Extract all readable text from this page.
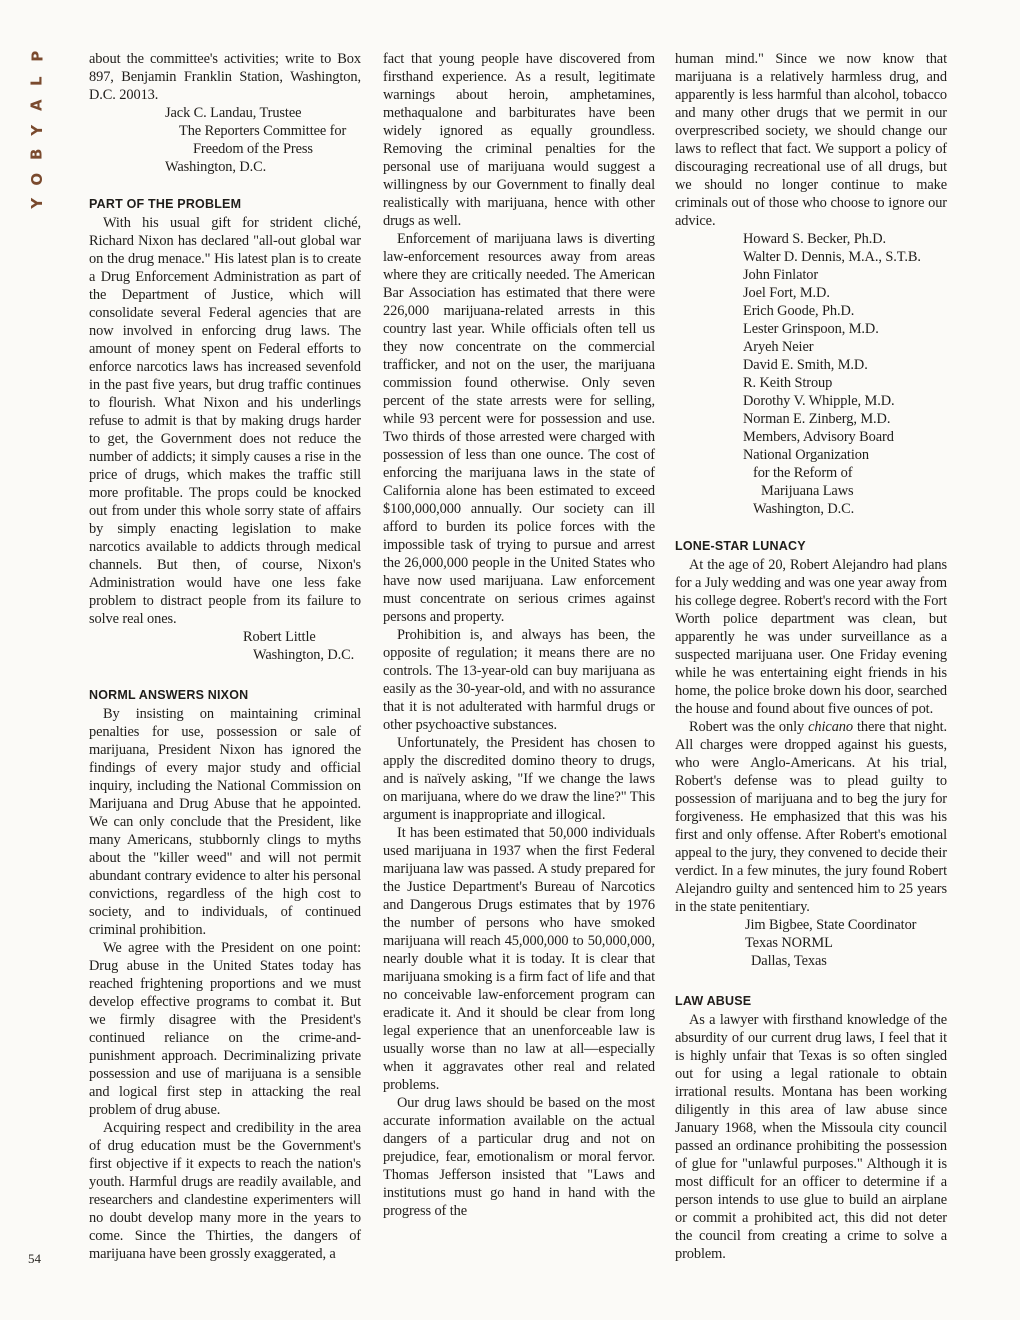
P
L
A
Y
B
O
Y
54

about the committee's activities; write to Box 897, Benjamin Franklin Station, Washington, D.C. 20013.

Jack C. Landau, Trustee
The Reporters Committee for
Freedom of the Press
Washington, D.C.
PART OF THE PROBLEM

With his usual gift for strident cliché, Richard Nixon has declared "all-out global war on the drug menace." His latest plan is to create a Drug Enforcement Administration as part of the Department of Justice, which will consolidate several Federal agencies that are now involved in enforcing drug laws. The amount of money spent on Federal efforts to enforce narcotics laws has increased sevenfold in the past five years, but drug traffic continues to flourish. What Nixon and his underlings refuse to admit is that by making drugs harder to get, the Government does not reduce the number of addicts; it simply causes a rise in the price of drugs, which makes the traffic still more profitable. The props could be knocked out from under this whole sorry state of affairs by simply enacting legislation to make narcotics available to addicts through medical channels. But then, of course, Nixon's Administration would have one less fake problem to distract people from its failure to solve real ones.

Robert Little
Washington, D.C.
NORML ANSWERS NIXON

By insisting on maintaining criminal penalties for use, possession or sale of marijuana, President Nixon has ignored the findings of every major study and official inquiry, including the National Commission on Marijuana and Drug Abuse that he appointed. We can only conclude that the President, like many Americans, stubbornly clings to myths about the "killer weed" and will not permit abundant contrary evidence to alter his personal convictions, regardless of the high cost to society, and to individuals, of continued criminal prohibition.

We agree with the President on one point: Drug abuse in the United States today has reached frightening proportions and we must develop effective programs to combat it. But we firmly disagree with the President's continued reliance on the crime-and-punishment approach. Decriminalizing private possession and use of marijuana is a sensible and logical first step in attacking the real problem of drug abuse.

Acquiring respect and credibility in the area of drug education must be the Government's first objective if it expects to reach the nation's youth. Harmful drugs are readily available, and researchers and clandestine experimenters will no doubt develop many more in the years to come. Since the Thirties, the dangers of marijuana have been grossly exaggerated, a

fact that young people have discovered from firsthand experience. As a result, legitimate warnings about heroin, amphetamines, methaqualone and barbiturates have been widely ignored as equally groundless. Removing the criminal penalties for the personal use of marijuana would suggest a willingness by our Government to finally deal realistically with marijuana, hence with other drugs as well.

Enforcement of marijuana laws is diverting law-enforcement resources away from areas where they are critically needed. The American Bar Association has estimated that there were 226,000 marijuana-related arrests in this country last year. While officials often tell us they now concentrate on the commercial trafficker, and not on the user, the marijuana commission found otherwise. Only seven percent of the state arrests were for selling, while 93 percent were for possession and use. Two thirds of those arrested were charged with possession of less than one ounce. The cost of enforcing the marijuana laws in the state of California alone has been estimated to exceed $100,000,000 annually. Our society can ill afford to burden its police forces with the impossible task of trying to pursue and arrest the 26,000,000 people in the United States who have now used marijuana. Law enforcement must concentrate on serious crimes against persons and property.

Prohibition is, and always has been, the opposite of regulation; it means there are no controls. The 13-year-old can buy marijuana as easily as the 30-year-old, and with no assurance that it is not adulterated with harmful drugs or other psychoactive substances.

Unfortunately, the President has chosen to apply the discredited domino theory to drugs, and is naïvely asking, "If we change the laws on marijuana, where do we draw the line?" This argument is inappropriate and illogical.

It has been estimated that 50,000 individuals used marijuana in 1937 when the first Federal marijuana law was passed. A study prepared for the Justice Department's Bureau of Narcotics and Dangerous Drugs estimates that by 1976 the number of persons who have smoked marijuana will reach 45,000,000 to 50,000,000, nearly double what it is today. It is clear that marijuana smoking is a firm fact of life and that no conceivable law-enforcement program can eradicate it. And it should be clear from long legal experience that an unenforceable law is usually worse than no law at all—especially when it aggravates other real and related problems.

Our drug laws should be based on the most accurate information available on the actual dangers of a particular drug and not on prejudice, fear, emotionalism or moral fervor. Thomas Jefferson insisted that "Laws and institutions must go hand in hand with the progress of the

human mind." Since we now know that marijuana is a relatively harmless drug, and apparently is less harmful than alcohol, tobacco and many other drugs that we permit in our overprescribed society, we should change our laws to reflect that fact. We support a policy of discouraging recreational use of all drugs, but we should no longer continue to make criminals out of those who choose to ignore our advice.

Howard S. Becker, Ph.D.
Walter D. Dennis, M.A., S.T.B.
John Finlator
Joel Fort, M.D.
Erich Goode, Ph.D.
Lester Grinspoon, M.D.
Aryeh Neier
David E. Smith, M.D.
R. Keith Stroup
Dorothy V. Whipple, M.D.
Norman E. Zinberg, M.D.
Members, Advisory Board
National Organization
for the Reform of
Marijuana Laws
Washington, D.C.
LONE-STAR LUNACY

At the age of 20, Robert Alejandro had plans for a July wedding and was one year away from his college degree. Robert's record with the Fort Worth police department was clean, but apparently he was under surveillance as a suspected marijuana user. One Friday evening while he was entertaining eight friends in his home, the police broke down his door, searched the house and found about five ounces of pot.

Robert was the only chicano there that night. All charges were dropped against his guests, who were Anglo-Americans. At his trial, Robert's defense was to plead guilty to possession of marijuana and to beg the jury for forgiveness. He emphasized that this was his first and only offense. After Robert's emotional appeal to the jury, they convened to decide their verdict. In a few minutes, the jury found Robert Alejandro guilty and sentenced him to 25 years in the state penitentiary.

Jim Bigbee, State Coordinator
Texas NORML
Dallas, Texas
LAW ABUSE

As a lawyer with firsthand knowledge of the absurdity of our current drug laws, I feel that it is highly unfair that Texas is so often singled out for using a legal rationale to obtain irrational results. Montana has been working diligently in this area of law abuse since January 1968, when the Missoula city council passed an ordinance prohibiting the possession of glue for "unlawful purposes." Although it is most difficult for an officer to determine if a person intends to use glue to build an airplane or commit a prohibited act, this did not deter the council from creating a crime to solve a problem.
